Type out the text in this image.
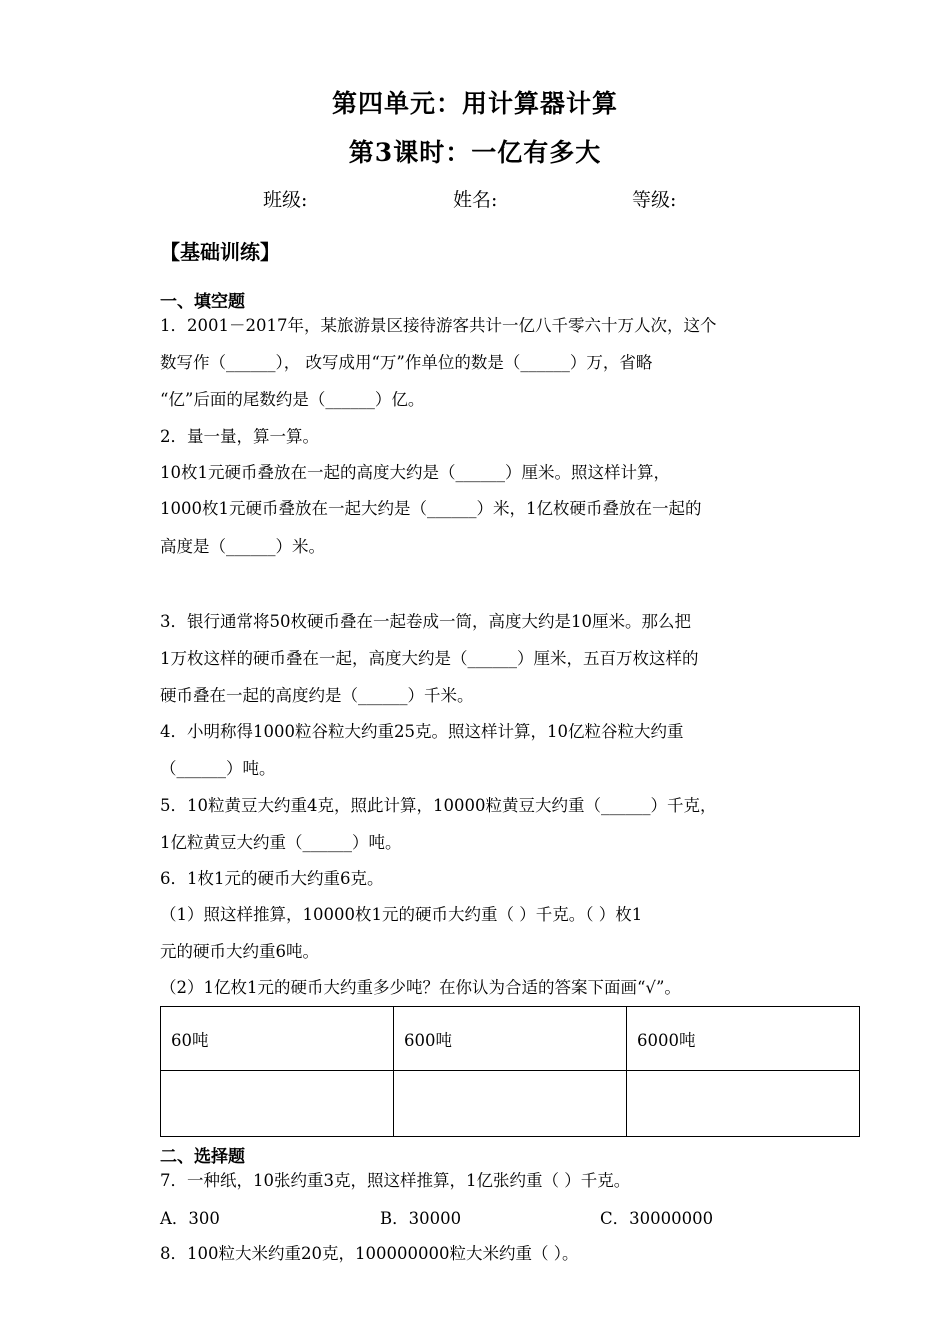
第四单元：用计算器计算
第3课时：一亿有多大
班级:	姓名:	等级:
【基础训练】
一、填空题
1．2001－2017年，某旅游景区接待游客共计一亿八千零六十万人次，这个
数写作（______）， 改写成用“万”作单位的数是（______）万，省略
“亿”后面的尾数约是（______）亿。
2．量一量，算一算。
10枚1元硬币叠放在一起的高度大约是（______）厘米。照这样计算，
1000枚1元硬币叠放在一起大约是（______）米，1亿枚硬币叠放在一起的
高度是（______）米。
3．银行通常将50枚硬币叠在一起卷成一筒，高度大约是10厘米。那么把
1万枚这样的硬币叠在一起，高度大约是（______）厘米，五百万枚这样的
硬币叠在一起的高度约是（______）千米。
4．小明称得1000粒谷粒大约重25克。照这样计算，10亿粒谷粒大约重
（______）吨。
5．10粒黄豆大约重4克，照此计算，10000粒黄豆大约重（______）千克，
1亿粒黄豆大约重（______）吨。
6．1枚1元的硬币大约重6克。
（1）照这样推算，10000枚1元的硬币大约重（ ）千克。（ ）枚1
元的硬币大约重6吨。
（2）1亿枚1元的硬币大约重多少吨？在你认为合适的答案下面画“√”。
60吨	600吨	6000吨

二、选择题
7．一种纸，10张约重3克，照这样推算，1亿张约重（ ）千克。
A．300	B．30000	C．30000000
8．100粒大米约重20克，100000000粒大米约重（ ）。
